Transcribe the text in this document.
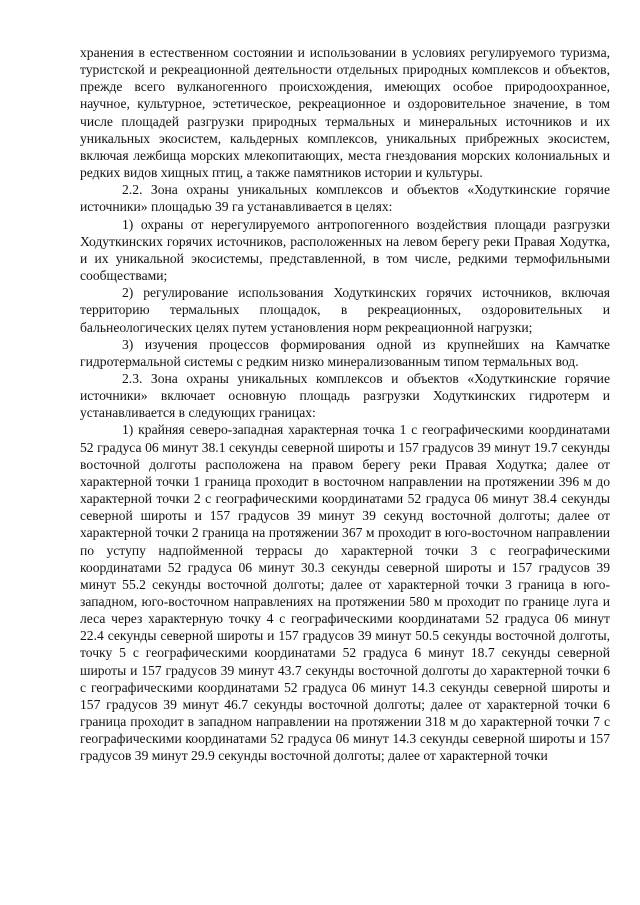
хранения в естественном состоянии и использовании в условиях регулируемого туризма, туристской и рекреационной деятельности отдельных природных комплексов и объектов, прежде всего вулканогенного происхождения, имеющих особое природоохранное, научное, культурное, эстетическое, рекреационное и оздоровительное значение, в том числе площадей разгрузки природных термальных и минеральных источников и их уникальных экосистем, кальдерных комплексов, уникальных прибрежных экосистем, включая лежбища морских млекопитающих, места гнездования морских колониальных и редких видов хищных птиц, а также памятников истории и культуры.

2.2. Зона охраны уникальных комплексов и объектов «Ходуткинские горячие источники» площадью 39 га устанавливается в целях:

1) охраны от нерегулируемого антропогенного воздействия площади разгрузки Ходуткинских горячих источников, расположенных на левом берегу реки Правая Ходутка, и их уникальной экосистемы, представленной, в том числе, редкими термофильными сообществами;

2) регулирование использования Ходуткинских горячих источников, включая территорию термальных площадок, в рекреационных, оздоровительных и бальнеологических целях путем установления норм рекреационной нагрузки;

3) изучения процессов формирования одной из крупнейших на Камчатке гидротермальной системы с редким низко минерализованным типом термальных вод.

2.3. Зона охраны уникальных комплексов и объектов «Ходуткинские горячие источники» включает основную площадь разгрузки Ходуткинских гидротерм и устанавливается в следующих границах:

1) крайняя северо-западная характерная точка 1 с географическими координатами 52 градуса 06 минут 38.1 секунды северной широты и 157 градусов 39 минут 19.7 секунды восточной долготы расположена на правом берегу реки Правая Ходутка; далее от характерной точки 1 граница проходит в восточном направлении на протяжении 396 м до характерной точки 2 с географическими координатами 52 градуса 06 минут 38.4 секунды северной широты и 157 градусов 39 минут 39 секунд восточной долготы; далее от характерной точки 2 граница на протяжении 367 м проходит в юго-восточном направлении по уступу надпойменной террасы до характерной точки 3 с географическими координатами 52 градуса 06 минут 30.3 секунды северной широты и 157 градусов 39 минут 55.2 секунды восточной долготы; далее от характерной точки 3 граница в юго-западном, юго-восточном направлениях на протяжении 580 м проходит по границе луга и леса через характерную точку 4 с географическими координатами 52 градуса 06 минут 22.4 секунды северной широты и 157 градусов 39 минут 50.5 секунды восточной долготы, точку 5 с географическими координатами 52 градуса 6 минут 18.7 секунды северной широты и 157 градусов 39 минут 43.7 секунды восточной долготы до характерной точки 6 с географическими координатами 52 градуса 06 минут 14.3 секунды северной широты и 157 градусов 39 минут 46.7 секунды восточной долготы; далее от характерной точки 6 граница проходит в западном направлении на протяжении 318 м до характерной точки 7 с географическими координатами 52 градуса 06 минут 14.3 секунды северной широты и 157 градусов 39 минут 29.9 секунды восточной долготы; далее от характерной точки
